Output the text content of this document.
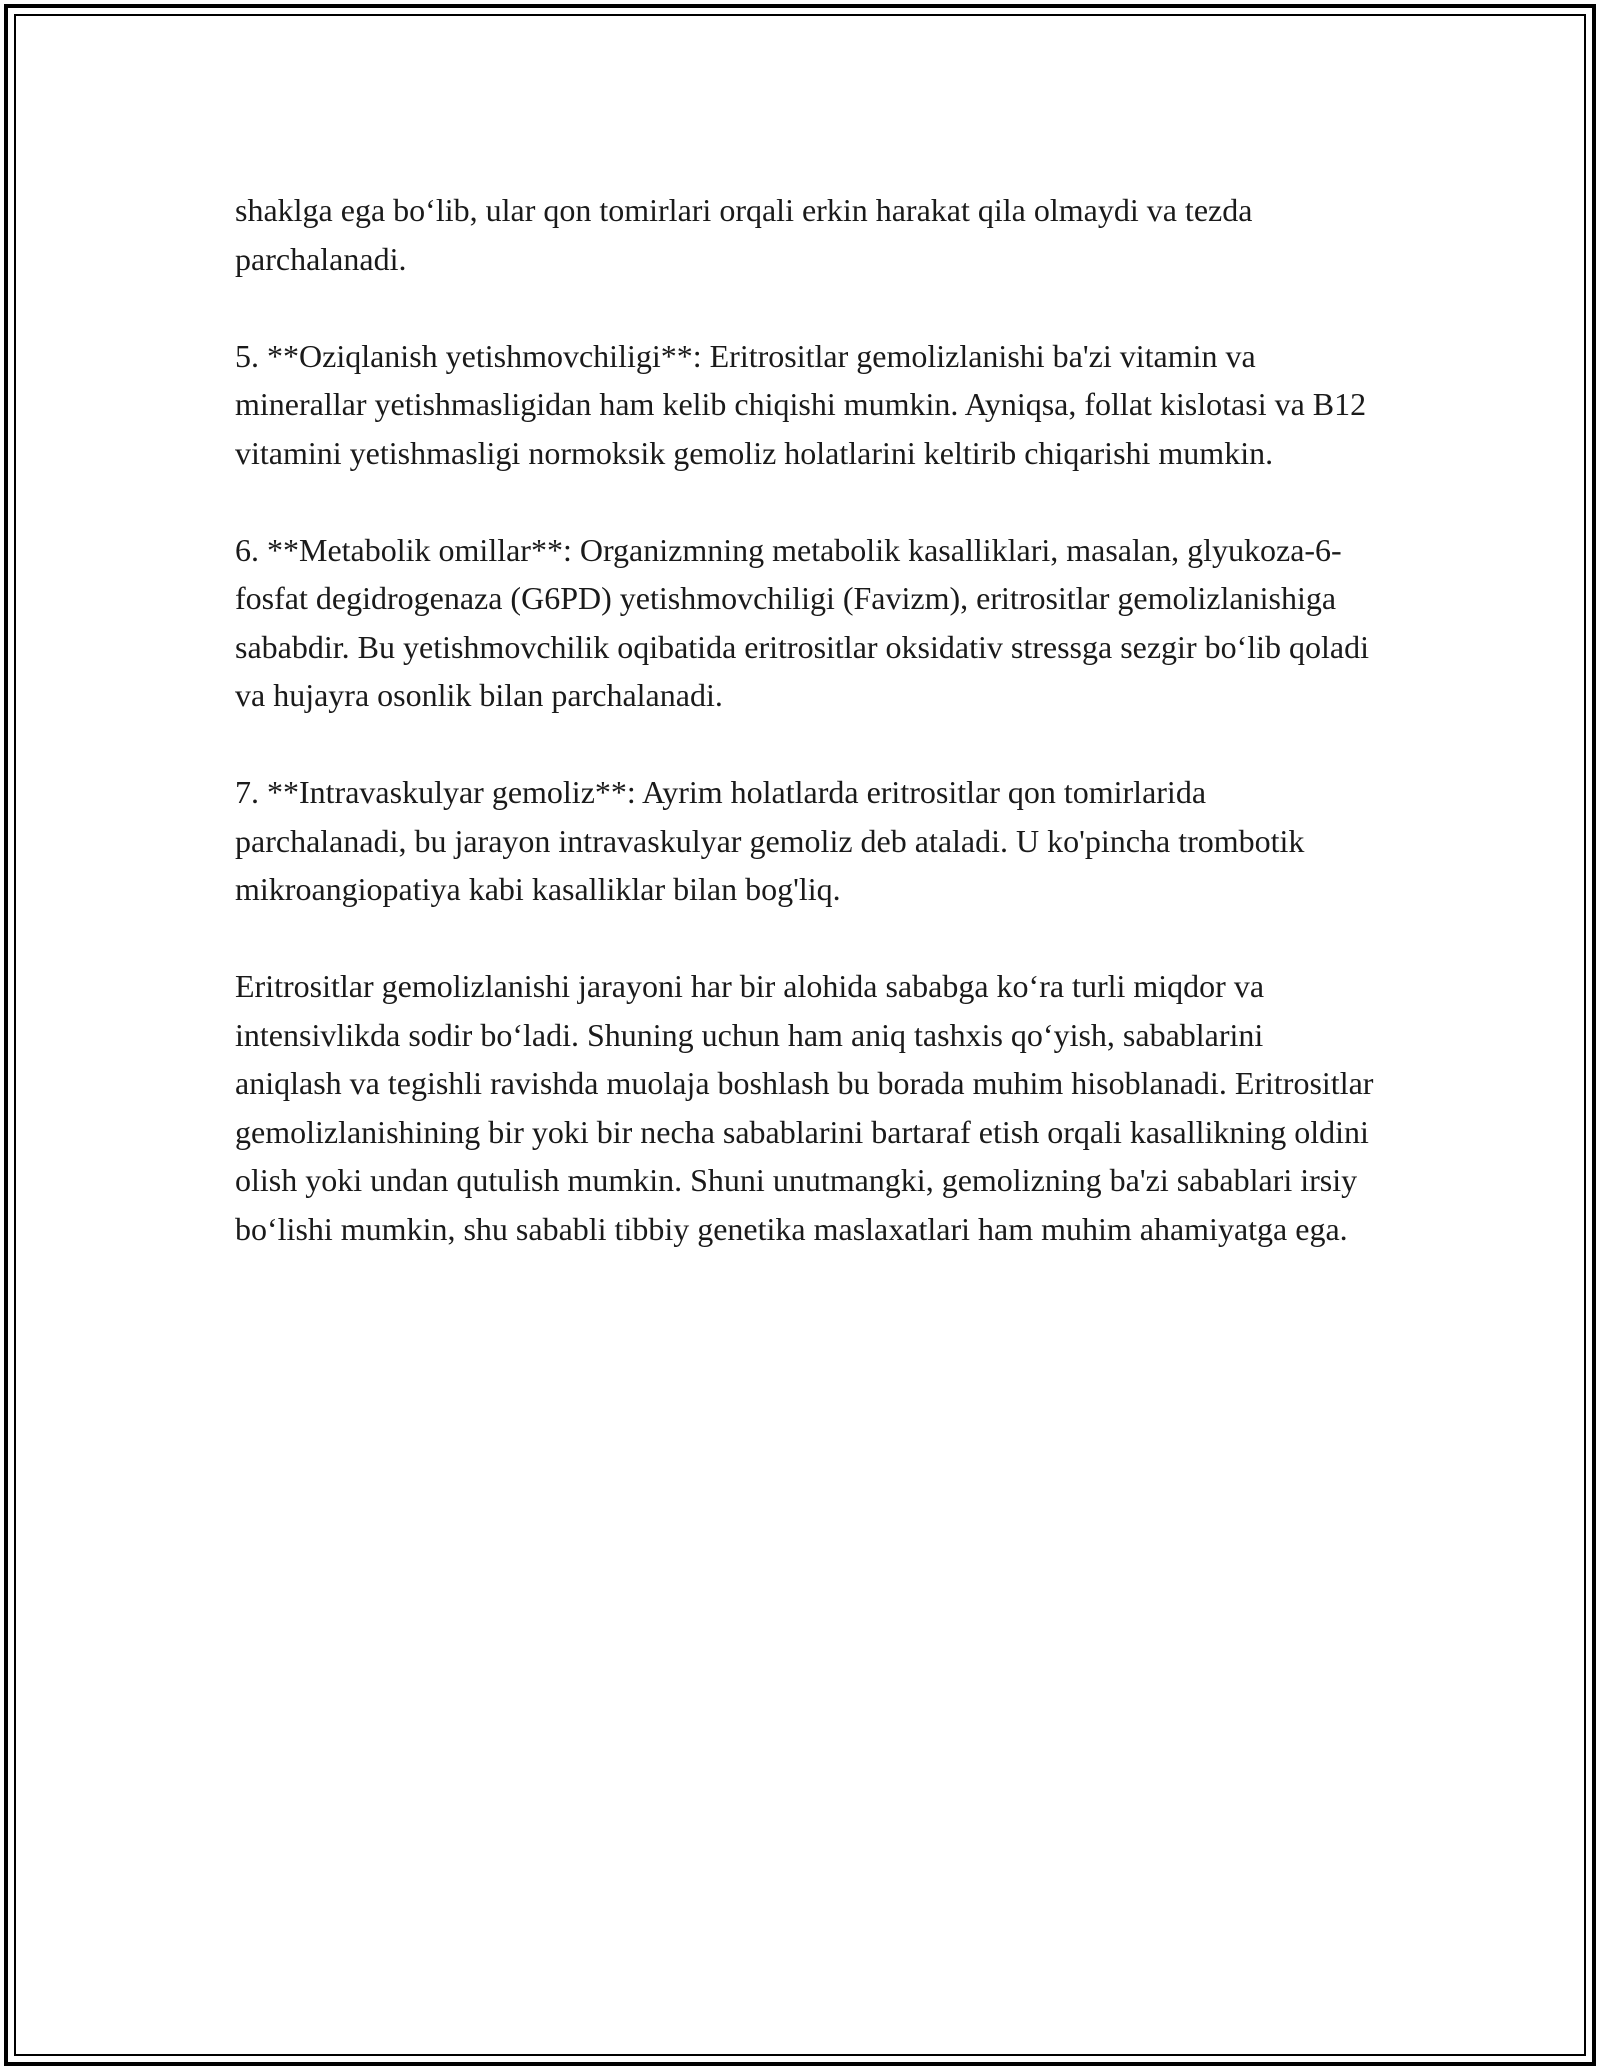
shaklga ega bo‘lib, ular qon tomirlari orqali erkin harakat qila olmaydi va tezda parchalanadi.

5. **Oziqlanish yetishmovchiligi**: Eritrositlar gemolizlanishi ba'zi vitamin va minerallar yetishmasligidan ham kelib chiqishi mumkin. Ayniqsa, follat kislotasi va B12 vitamini yetishmasligi normoksik gemoliz holatlarini keltirib chiqarishi mumkin.

6. **Metabolik omillar**: Organizmning metabolik kasalliklari, masalan, glyukoza-6-fosfat degidrogenaza (G6PD) yetishmovchiligi (Favizm), eritrositlar gemolizlanishiga sababdir. Bu yetishmovchilik oqibatida eritrositlar oksidativ stressga sezgir bo‘lib qoladi va hujayra osonlik bilan parchalanadi.

7. **Intravaskulyar gemoliz**: Ayrim holatlarda eritrositlar qon tomirlarida parchalanadi, bu jarayon intravaskulyar gemoliz deb ataladi. U ko'pincha trombotik mikroangiopatiya kabi kasalliklar bilan bog'liq.

Eritrositlar gemolizlanishi jarayoni har bir alohida sababga ko‘ra turli miqdor va intensivlikda sodir bo‘ladi. Shuning uchun ham aniq tashxis qo‘yish, sabablarini aniqlash va tegishli ravishda muolaja boshlash bu borada muhim hisoblanadi. Eritrositlar gemolizlanishining bir yoki bir necha sabablarini bartaraf etish orqali kasallikning oldini olish yoki undan qutulish mumkin. Shuni unutmangki, gemolizning ba'zi sabablari irsiy bo‘lishi mumkin, shu sababli tibbiy genetika maslaxatlari ham muhim ahamiyatga ega.
